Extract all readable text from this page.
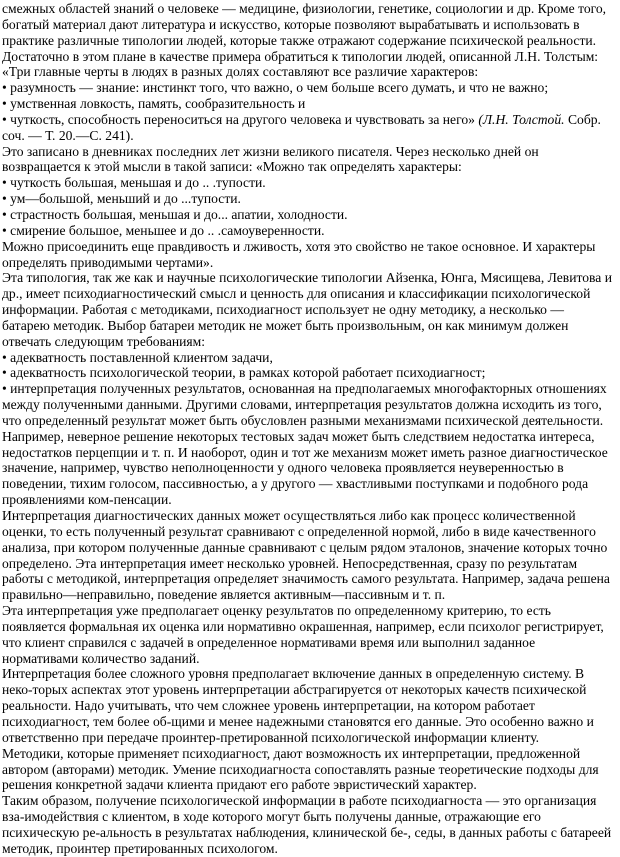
смежных областей знаний о человеке — медицине, физиологии, генетике, социологии и др. Кроме того, богатый материал дают литература и искусство, которые позволяют вырабатывать и использовать в практике различные типологии людей, которые также отражают содержание психической реальности. Достаточно в этом плане в качестве примера обратиться к типологии людей, описанной Л.Н. Толстым:

«Три главные черты в людях в разных долях составляют все различие характеров:

• разумность — знание: инстинкт того, что важно, о чем больше всего думать, и что не важно;

• умственная ловкость, память, сообразительность и

• чуткость, способность переноситься на другого человека и чувствовать за него» (Л.Н. Толстой. Собр. соч. — Т. 20.—С. 241).

Это записано в дневниках последних лет жизни великого писателя. Через несколько дней он возвращается к этой мысли в такой записи: «Можно так определять характеры:

• чуткость большая, меньшая и до .. .тупости.

• ум—большой, меньший и до ...тупости.

• страстность большая, меньшая и до... апатии, холодности.

• смирение большое, меньшее и до .. .самоуверенности.

Можно присоединить еще правдивость и лживость, хотя это свойство не такое основное. И характеры определять приводимыми чертами».

Эта типология, так же как и научные психологические типологии Айзенка, Юнга, Мясищева, Левитова и др., имеет психодиагностический смысл и ценность для описания и классификации психологической информации. Работая с методиками, психодиагност использует не одну методику, а несколько — батарею методик. Выбор батареи методик не может быть произвольным, он как минимум должен отвечать следующим требованиям:

• адекватность поставленной клиентом задачи,

• адекватность психологической теории, в рамках которой работает психодиагност;

• интерпретация полученных результатов, основанная на предполагаемых многофакторных отношениях между полученными данными. Другими словами, интерпретация результатов должна исходить из того, что определенный результат может быть обусловлен разными механизмами психической деятельности. Например, неверное решение некоторых тестовых задач может быть следствием недостатка интереса, недостатков перцепции и т. п. И наоборот, один и тот же механизм может иметь разное диагностическое значение, например, чувство неполноценности у одного человека проявляется неуверенностью в поведении, тихим голосом, пассивностью, а у другого — хвастливыми поступками и подобного рода проявлениями ком-пенсации.

Интерпретация диагностических данных может осуществляться либо как процесс количественной оценки, то есть полученный результат сравнивают с определенной нормой, либо в виде качественного анализа, при котором полученные данные сравнивают с целым рядом эталонов, значение которых точно определено. Эта интерпретация имеет несколько уровней. Непосредственная, сразу по результатам работы с методикой, интерпретация определяет значимость самого результата. Например, задача решена правильно—неправильно, поведение является активным—пассивным и т. п.

Эта интерпретация уже предполагает оценку результатов по определенному критерию, то есть появляется формальная их оценка или нормативно окрашенная, например, если психолог регистрирует, что клиент справился с задачей в определенное нормативами время или выполнил заданное нормативами количество заданий.

Интерпретация более сложного уровня предполагает включение данных в определенную систему. В неко-торых аспектах этот уровень интерпретации абстрагируется от некоторых качеств психической реальности. Надо учитывать, что чем сложнее уровень интерпретации, на котором работает психодиагност, тем более об-щими и менее надежными становятся его данные. Это особенно важно и ответственно при передаче проинтер-претированной психологической информации клиенту.

Методики, которые применяет психодиагност, дают возможность их интерпретации, предложенной автором (авторами) методик. Умение психодиагноста сопоставлять разные теоретические подходы для решения конкретной задачи клиента придают его работе эвристический характер.

Таким образом, получение психологической информации в работе психодиагноста — это организация вза-имодействия с клиентом, в ходе которого могут быть получены данные, отражающие его психическую ре-альность в результатах наблюдения, клинической бе-, седы, в данных работы с батареей методик, проинтер претированных психологом.
